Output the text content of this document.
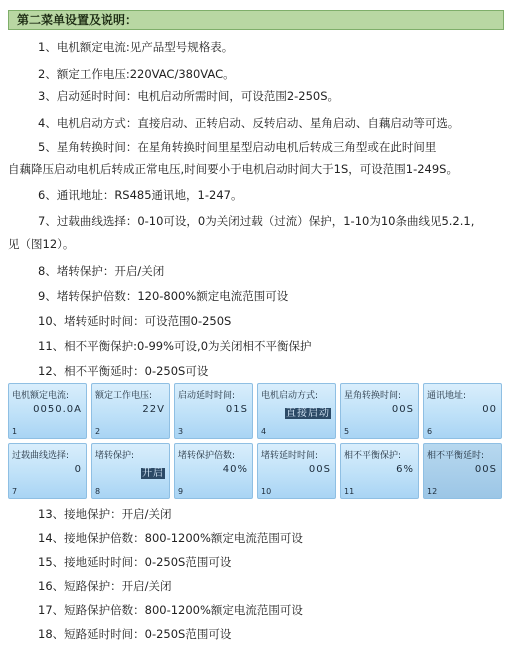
第二菜单设置及说明：
1、电机额定电流:见产品型号规格表。
2、额定工作电压:220VAC/380VAC。
3、启动延时时间：电机启动所需时间，可设范围2-250S。
4、电机启动方式：直接启动、正转启动、反转启动、星角启动、自藕启动等可选。
5、星角转换时间：在星角转换时间里星型启动电机后转成三角型或在此时间里
自藕降压启动电机后转成正常电压,时间要小于电机启动时间大于1S，可设范围1-249S。
6、通讯地址：RS485通讯地，1-247。
7、过载曲线选择：0-10可设，0为关闭过载（过流）保护，1-10为10条曲线见5.2.1,
见（图12）。
8、堵转保护：开启/关闭
9、堵转保护倍数：120-800%额定电流范围可设
10、堵转延时时间：可设范围0-250S
11、相不平衡保护:0-99%可设,0为关闭相不平衡保护
12、相不平衡延时：0-250S可设
电机额定电流:
0050.0A
1
额定工作电压:
22V
2
启动延时时间:
01S
3
电机启动方式:
直接启动
4
星角转换时间:
00S
5
通讯地址:
00
6
过载曲线选择:
0
7
堵转保护:
开启
8
堵转保护倍数:
40%
9
堵转延时时间:
00S
10
相不平衡保护:
6%
11
相不平衡延时:
00S
12
13、接地保护：开启/关闭
14、接地保护倍数：800-1200%额定电流范围可设
15、接地延时时间：0-250S范围可设
16、短路保护：开启/关闭
17、短路保护倍数：800-1200%额定电流范围可设
18、短路延时时间：0-250S范围可设
